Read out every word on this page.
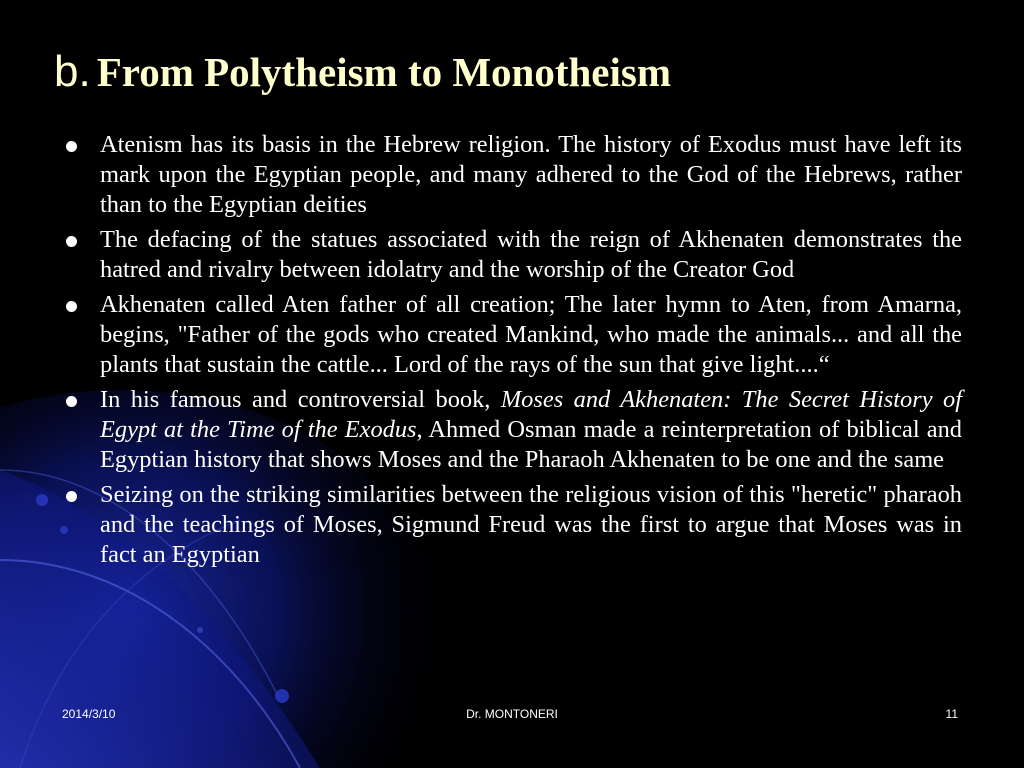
b. From Polytheism to Monotheism
Atenism has its basis in the Hebrew religion. The history of Exodus must have left its mark upon the Egyptian people, and many adhered to the God of the Hebrews, rather than to the Egyptian deities
The defacing of the statues associated with the reign of Akhenaten demonstrates the hatred and rivalry between idolatry and the worship of the Creator God
Akhenaten called Aten father of all creation; The later hymn to Aten, from Amarna, begins, "Father of the gods who created Mankind, who made the animals... and all the plants that sustain the cattle... Lord of the rays of the sun that give light....“
In his famous and controversial book, Moses and Akhenaten: The Secret History of Egypt at the Time of the Exodus, Ahmed Osman made a reinterpretation of biblical and Egyptian history that shows Moses and the Pharaoh Akhenaten to be one and the same
Seizing on the striking similarities between the religious vision of this "heretic" pharaoh and the teachings of Moses, Sigmund Freud was the first to argue that Moses was in fact an Egyptian
Dr. MONTONERI
2014/3/10	11
